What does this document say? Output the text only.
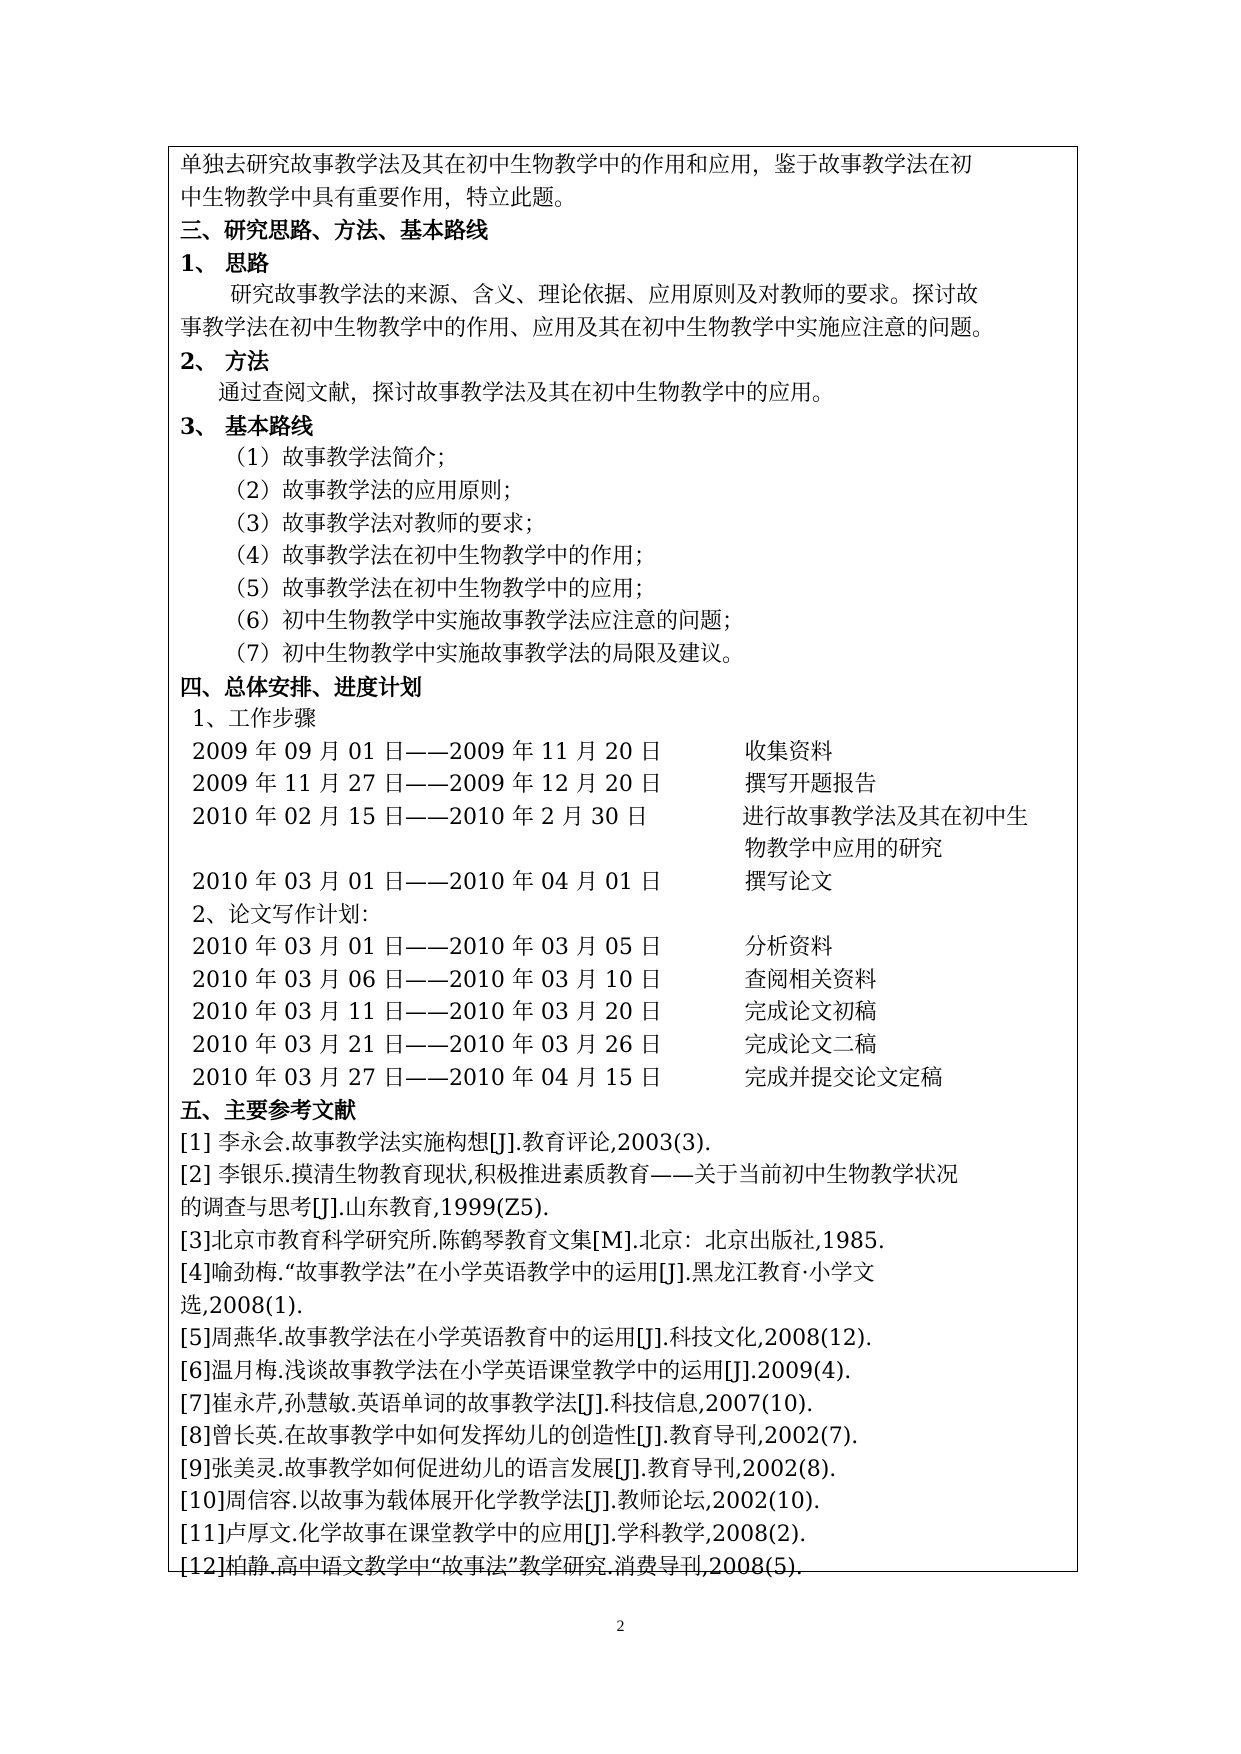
单独去研究故事教学法及其在初中生物教学中的作用和应用，鉴于故事教学法在初
中生物教学中具有重要作用，特立此题。
三、研究思路、方法、基本路线
1、 思路
研究故事教学法的来源、含义、理论依据、应用原则及对教师的要求。探讨故
事教学法在初中生物教学中的作用、应用及其在初中生物教学中实施应注意的问题。
2、 方法
通过查阅文献，探讨故事教学法及其在初中生物教学中的应用。
3、 基本路线
（1）故事教学法简介；
（2）故事教学法的应用原则；
（3）故事教学法对教师的要求；
（4）故事教学法在初中生物教学中的作用；
（5）故事教学法在初中生物教学中的应用；
（6）初中生物教学中实施故事教学法应注意的问题；
（7）初中生物教学中实施故事教学法的局限及建议。
四、总体安排、进度计划
1、工作步骤
2009 年 09 月 01 日——2009 年 11 月 20 日	收集资料
2009 年 11 月 27 日——2009 年 12 月 20 日	撰写开题报告
2010 年 02 月 15 日——2010 年 2 月 30 日	进行故事教学法及其在初中生
物教学中应用的研究
2010 年 03 月 01 日——2010 年 04 月 01 日	撰写论文
2、论文写作计划：
2010 年 03 月 01 日——2010 年 03 月 05 日	分析资料
2010 年 03 月 06 日——2010 年 03 月 10 日	查阅相关资料
2010 年 03 月 11 日——2010 年 03 月 20 日	完成论文初稿
2010 年 03 月 21 日——2010 年 03 月 26 日	完成论文二稿
2010 年 03 月 27 日——2010 年 04 月 15 日	完成并提交论文定稿
五、主要参考文献
[1] 李永会.故事教学法实施构想[J].教育评论,2003(3).
[2] 李银乐.摸清生物教育现状,积极推进素质教育——关于当前初中生物教学状况
的调查与思考[J].山东教育,1999(Z5).
[3]北京市教育科学研究所.陈鹤琴教育文集[M].北京：北京出版社,1985.
[4]喻劲梅.“故事教学法”在小学英语教学中的运用[J].黑龙江教育·小学文
选,2008(1).
[5]周燕华.故事教学法在小学英语教育中的运用[J].科技文化,2008(12).
[6]温月梅.浅谈故事教学法在小学英语课堂教学中的运用[J].2009(4).
[7]崔永芹,孙慧敏.英语单词的故事教学法[J].科技信息,2007(10).
[8]曾长英.在故事教学中如何发挥幼儿的创造性[J].教育导刊,2002(7).
[9]张美灵.故事教学如何促进幼儿的语言发展[J].教育导刊,2002(8).
[10]周信容.以故事为载体展开化学教学法[J].教师论坛,2002(10).
[11]卢厚文.化学故事在课堂教学中的应用[J].学科教学,2008(2).
[12]柏静.高中语文教学中“故事法”教学研究.消费导刊,2008(5).
2
